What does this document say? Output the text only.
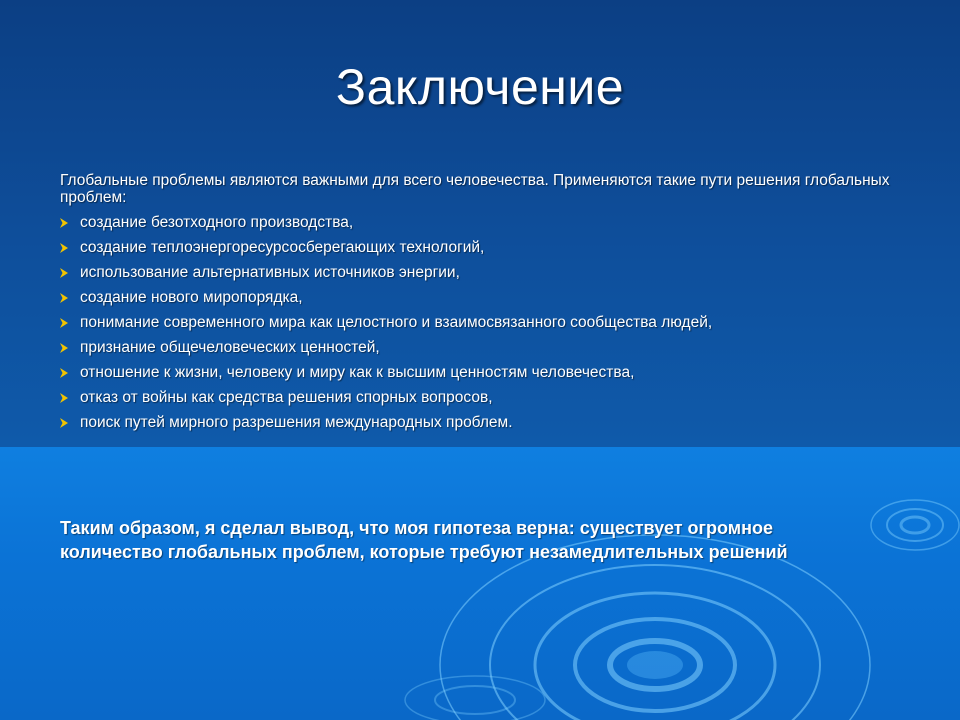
Заключение
Глобальные проблемы являются важными для всего человечества. Применяются такие пути решения глобальных проблем:
создание безотходного производства,
создание теплоэнергоресурсосберегающих технологий,
использование альтернативных источников энергии,
создание нового миропорядка,
понимание современного мира как целостного и взаимосвязанного сообщества людей,
признание общечеловеческих ценностей,
отношение к жизни, человеку и миру как к высшим ценностям человечества,
отказ от войны как средства решения спорных вопросов,
поиск путей мирного разрешения международных проблем.
Таким образом, я сделал вывод, что моя гипотеза верна: существует огромное количество глобальных проблем, которые требуют незамедлительных решений
